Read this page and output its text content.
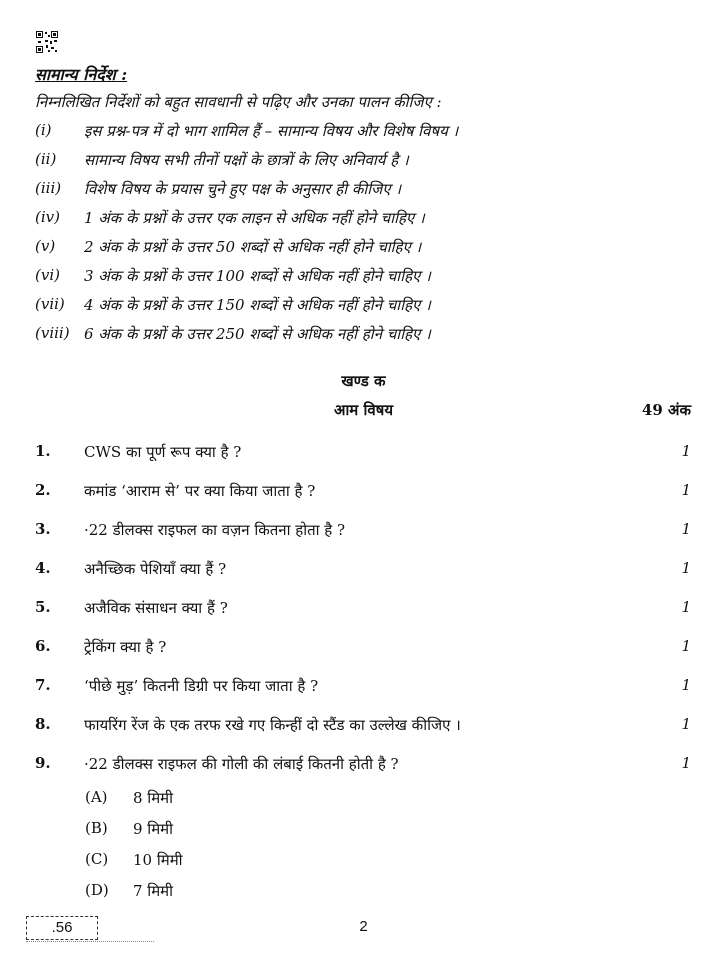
सामान्य निर्देश :
निम्नलिखित निर्देशों को बहुत सावधानी से पढ़िए और उनका पालन कीजिए :
(i)	इस प्रश्न-पत्र में दो भाग शामिल हैं – सामान्य विषय और विशेष विषय ।
(ii)	सामान्य विषय सभी तीनों पक्षों के छात्रों के लिए अनिवार्य है ।
(iii)	विशेष विषय के प्रयास चुने हुए पक्ष के अनुसार ही कीजिए ।
(iv)	1 अंक के प्रश्नों के उत्तर एक लाइन से अधिक नहीं होने चाहिए ।
(v)	2 अंक के प्रश्नों के उत्तर 50 शब्दों से अधिक नहीं होने चाहिए ।
(vi)	3 अंक के प्रश्नों के उत्तर 100 शब्दों से अधिक नहीं होने चाहिए ।
(vii)	4 अंक के प्रश्नों के उत्तर 150 शब्दों से अधिक नहीं होने चाहिए ।
(viii) 6 अंक के प्रश्नों के उत्तर 250 शब्दों से अधिक नहीं होने चाहिए ।
खण्ड क
आम विषय	49 अंक
1. CWS का पूर्ण रूप क्या है ?	1
2. कमांड ‘आराम से’ पर क्या किया जाता है ?	1
3. ·22 डीलक्स राइफल का वज़न कितना होता है ?	1
4. अनैच्छिक पेशियाँ क्या हैं ?	1
5. अजैविक संसाधन क्या हैं ?	1
6. ट्रेकिंग क्या है ?	1
7. ‘पीछे मुड़’ कितनी डिग्री पर किया जाता है ?	1
8. फायरिंग रेंज के एक तरफ रखे गए किन्हीं दो स्टैंड का उल्लेख कीजिए ।	1
9. ·22 डीलक्स राइफल की गोली की लंबाई कितनी होती है ?	1
(A) 8 मिमी
(B) 9 मिमी
(C) 10 मिमी
(D) 7 मिमी
.56	2
